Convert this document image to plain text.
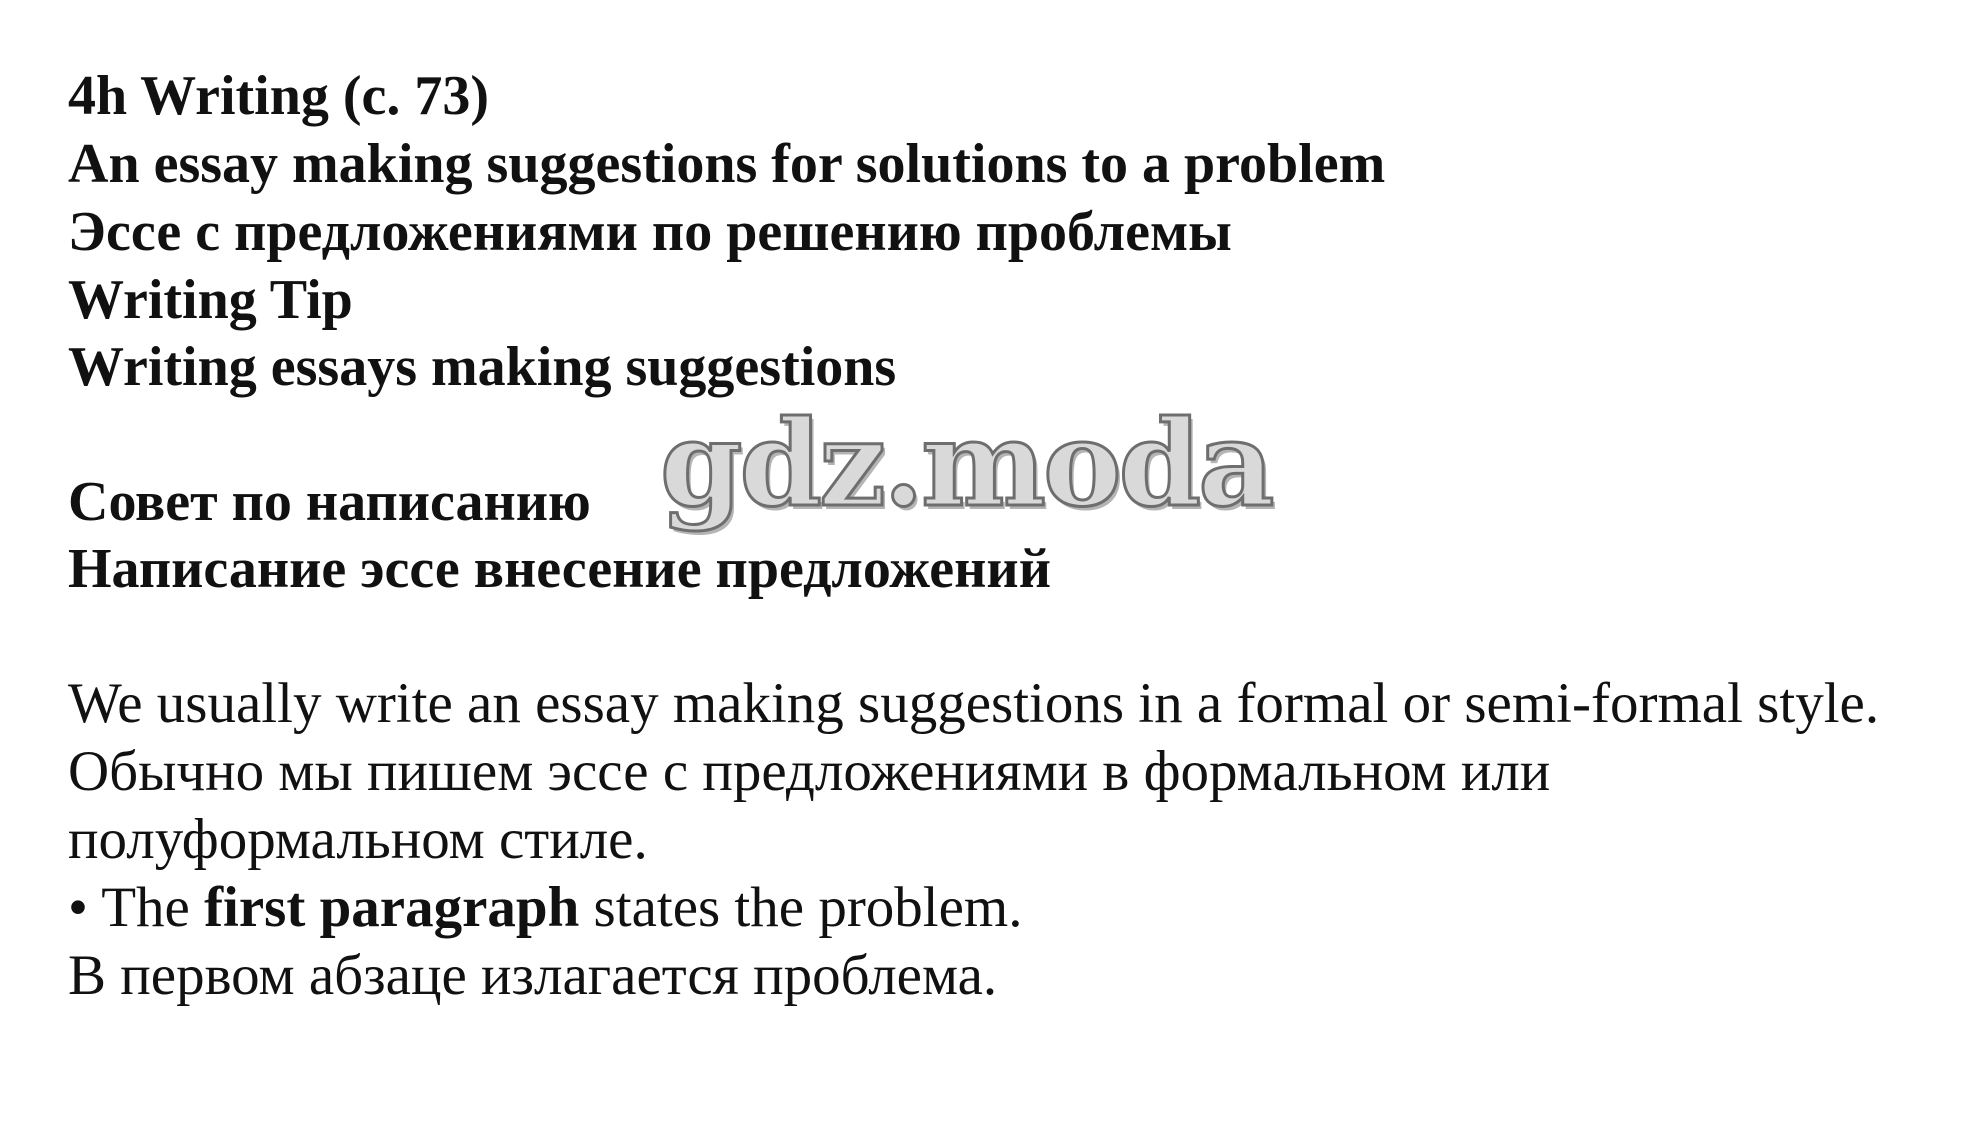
4h Writing (с. 73)
An essay making suggestions for solutions to a problem
Эссе с предложениями по решению проблемы
Writing Tip
Writing essays making suggestions
Совет по написанию
Написание эссе внесение предложений
We usually write an essay making suggestions in a formal or semi-formal style.
Обычно мы пишем эссе с предложениями в формальном или
полуформальном стиле.
• The first paragraph states the problem.
В первом абзаце излагается проблема.
gdz.moda
